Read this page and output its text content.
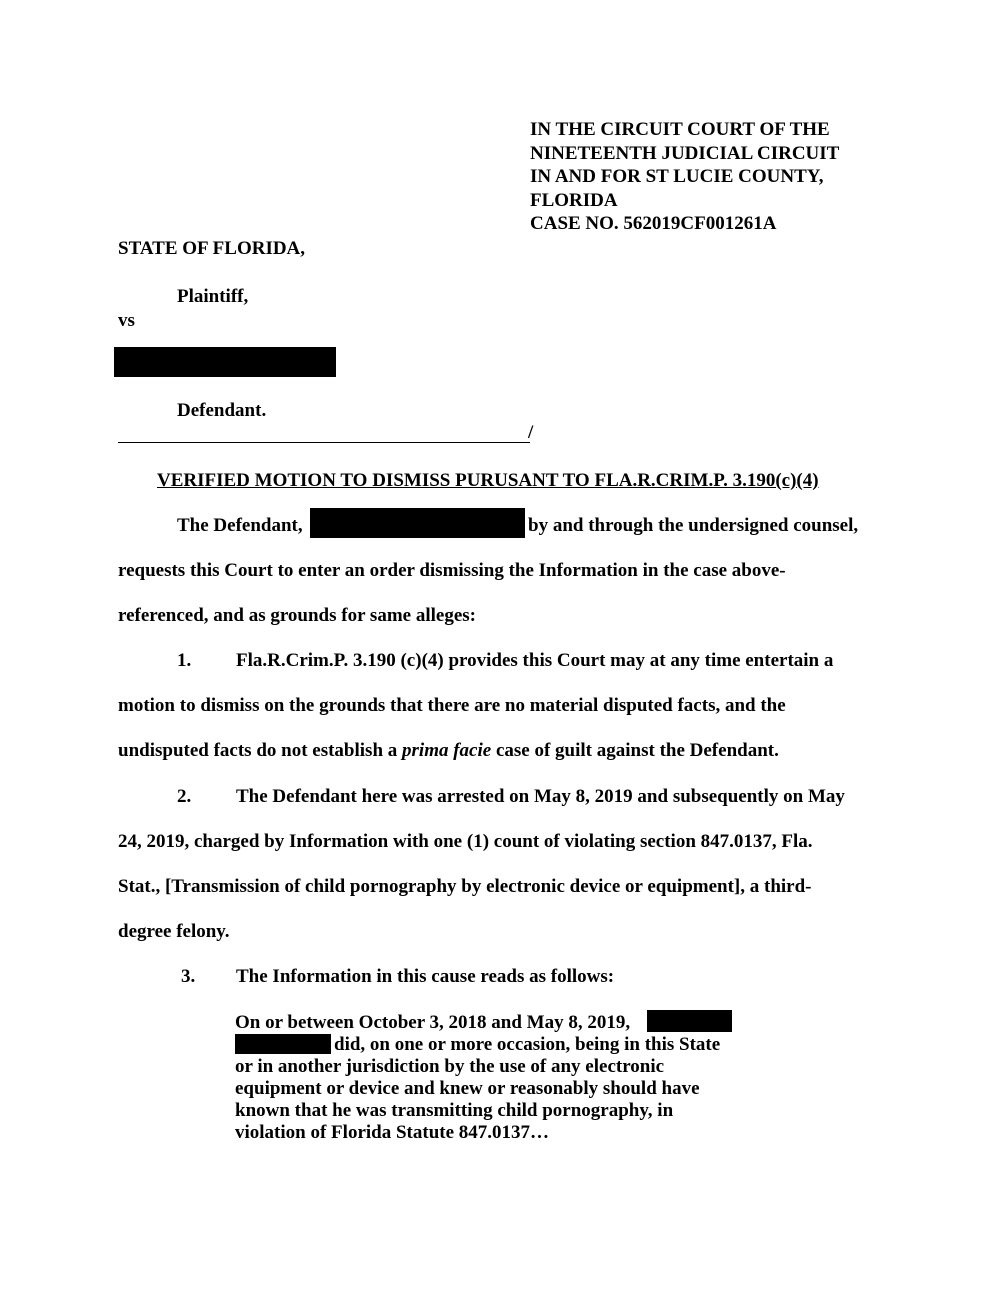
IN THE CIRCUIT COURT OF THE
NINETEENTH JUDICIAL CIRCUIT
IN AND FOR ST LUCIE COUNTY,
FLORIDA
CASE NO. 562019CF001261A
STATE OF FLORIDA,
Plaintiff,
vs
Defendant.
/
VERIFIED MOTION TO DISMISS PURUSANT TO FLA.R.CRIM.P. 3.190(c)(4)
The Defendant,	by and through the undersigned counsel,
requests this Court to enter an order dismissing the Information in the case above-
referenced, and as grounds for same alleges:
1. Fla.R.Crim.P. 3.190 (c)(4) provides this Court may at any time entertain a
motion to dismiss on the grounds that there are no material disputed facts, and the
undisputed facts do not establish a prima facie case of guilt against the Defendant.
2. The Defendant here was arrested on May 8, 2019 and subsequently on May
24, 2019, charged by Information with one (1) count of violating section 847.0137, Fla.
Stat., [Transmission of child pornography by electronic device or equipment], a third-
degree felony.
3. The Information in this cause reads as follows:
On or between October 3, 2018 and May 8, 2019,
did, on one or more occasion, being in this State
or in another jurisdiction by the use of any electronic
equipment or device and knew or reasonably should have
known that he was transmitting child pornography, in
violation of Florida Statute 847.0137…
